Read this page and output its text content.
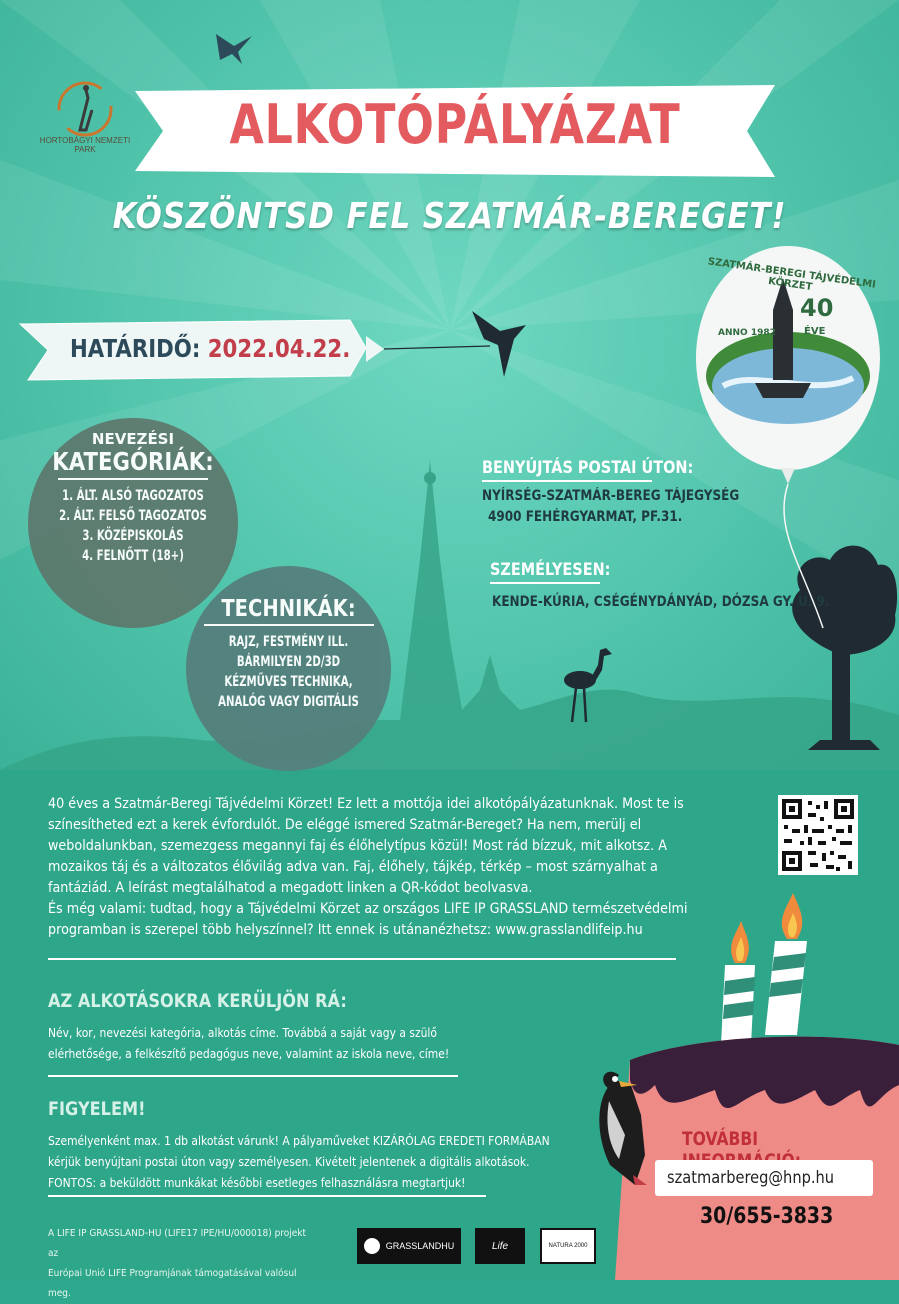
HORTOBÁGYI NEMZETI PARK	ALKOTÓPÁLYÁZAT
KÖSZÖNTSD FEL SZATMÁR-BEREGET!
HATÁRIDŐ: 2022.04.22.
SZATMÁR-BEREGI TÁJVÉDELMI KÖRZET
ANNO 1982
40
ÉVE
NEVEZÉSI
KATEGÓRIÁK:
1. ÁLT. ALSÓ TAGOZATOS
2. ÁLT. FELSŐ TAGOZATOS
3. KÖZÉPISKOLÁS
4. FELNŐTT (18+)
TECHNIKÁK:
RAJZ, FESTMÉNY ILL.
BÁRMILYEN 2D/3D
KÉZMŰVES TECHNIKA,
ANALÓG VAGY DIGITÁLIS
BENYÚJTÁS POSTAI ÚTON:
NYÍRSÉG-SZATMÁR-BEREG TÁJEGYSÉG
4900 FEHÉRGYARMAT, PF.31.
SZEMÉLYESEN:
KENDE-KÚRIA, CSÉGÉNYDÁNYÁD, DÓZSA GY. U. 9.
40 éves a Szatmár-Beregi Tájvédelmi Körzet! Ez lett a mottója idei alkotópályázatunknak. Most te is
színesítheted ezt a kerek évfordulót. De eléggé ismered Szatmár-Bereget? Ha nem, merülj el
weboldalunkban, szemezgess megannyi faj és élőhelytípus közül! Most rád bízzuk, mit alkotsz. A
mozaikos táj és a változatos élővilág adva van. Faj, élőhely, tájkép, térkép – most szárnyalhat a
fantáziád. A leírást megtalálhatod a megadott linken a QR-kódot beolvasva.
És még valami: tudtad, hogy a Tájvédelmi Körzet az országos LIFE IP GRASSLAND természetvédelmi
programban is szerepel több helyszínnel? Itt ennek is utánanézhetsz: www.grasslandlifeip.hu
AZ ALKOTÁSOKRA KERÜLJÖN RÁ:
Név, kor, nevezési kategória, alkotás címe. Továbbá a saját vagy a szülő
elérhetősége, a felkészítő pedagógus neve, valamint az iskola neve, címe!
FIGYELEM!
Személyenként max. 1 db alkotást várunk! A pályaműveket KIZÁRÓLAG EREDETI FORMÁBAN
kérjük benyújtani postai úton vagy személyesen. Kivételt jelentenek a digitális alkotások.
FONTOS: a beküldött munkákat későbbi esetleges felhasználásra megtartjuk!
TOVÁBBI
szatmarbereg@hnp.hu
30/655-3833
A LIFE IP GRASSLAND-HU (LIFE17 IPE/HU/000018) projekt az
Európai Unió LIFE Programjának támogatásával valósul meg.
GRASSLANDHU	Life	NATURA 2000
